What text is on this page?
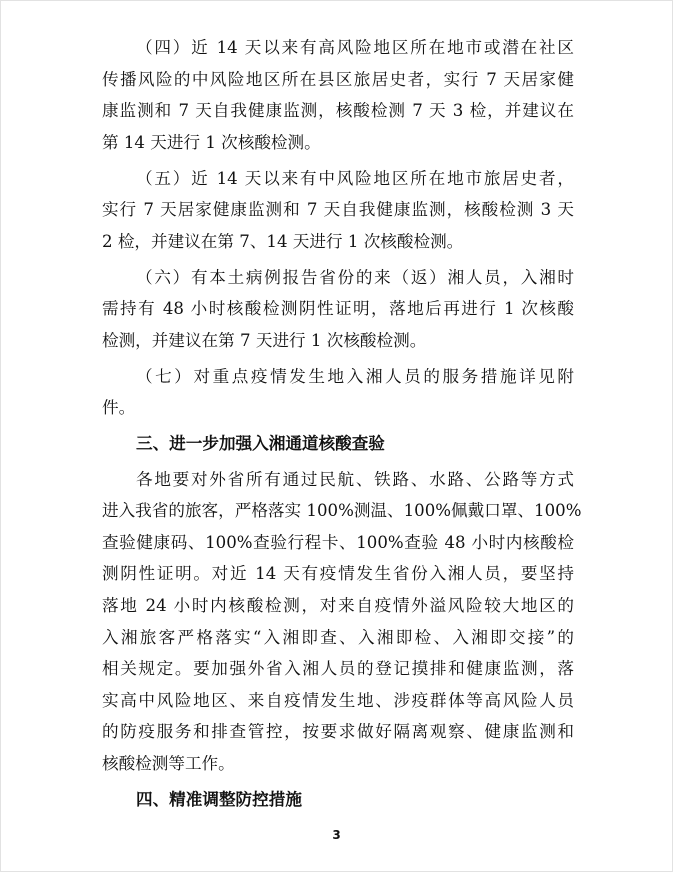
（四）近 14 天以来有高风险地区所在地市或潜在社区
传播风险的中风险地区所在县区旅居史者，实行 7 天居家健
康监测和 7 天自我健康监测，核酸检测 7 天 3 检，并建议在
第 14 天进行 1 次核酸检测。
（五）近 14 天以来有中风险地区所在地市旅居史者，
实行 7 天居家健康监测和 7 天自我健康监测，核酸检测 3 天
2 检，并建议在第 7、14 天进行 1 次核酸检测。
（六）有本土病例报告省份的来（返）湘人员，入湘时
需持有 48 小时核酸检测阴性证明，落地后再进行 1 次核酸
检测，并建议在第 7 天进行 1 次核酸检测。
（七）对重点疫情发生地入湘人员的服务措施详见附
件。
三、进一步加强入湘通道核酸查验
各地要对外省所有通过民航、铁路、水路、公路等方式
进入我省的旅客，严格落实 100%测温、100%佩戴口罩、100%
查验健康码、100%查验行程卡、100%查验 48 小时内核酸检
测阴性证明。对近 14 天有疫情发生省份入湘人员，要坚持
落地 24 小时内核酸检测，对来自疫情外溢风险较大地区的
入湘旅客严格落实“入湘即查、入湘即检、入湘即交接”的
相关规定。要加强外省入湘人员的登记摸排和健康监测，落
实高中风险地区、来自疫情发生地、涉疫群体等高风险人员
的防疫服务和排查管控，按要求做好隔离观察、健康监测和
核酸检测等工作。
四、精准调整防控措施
3
